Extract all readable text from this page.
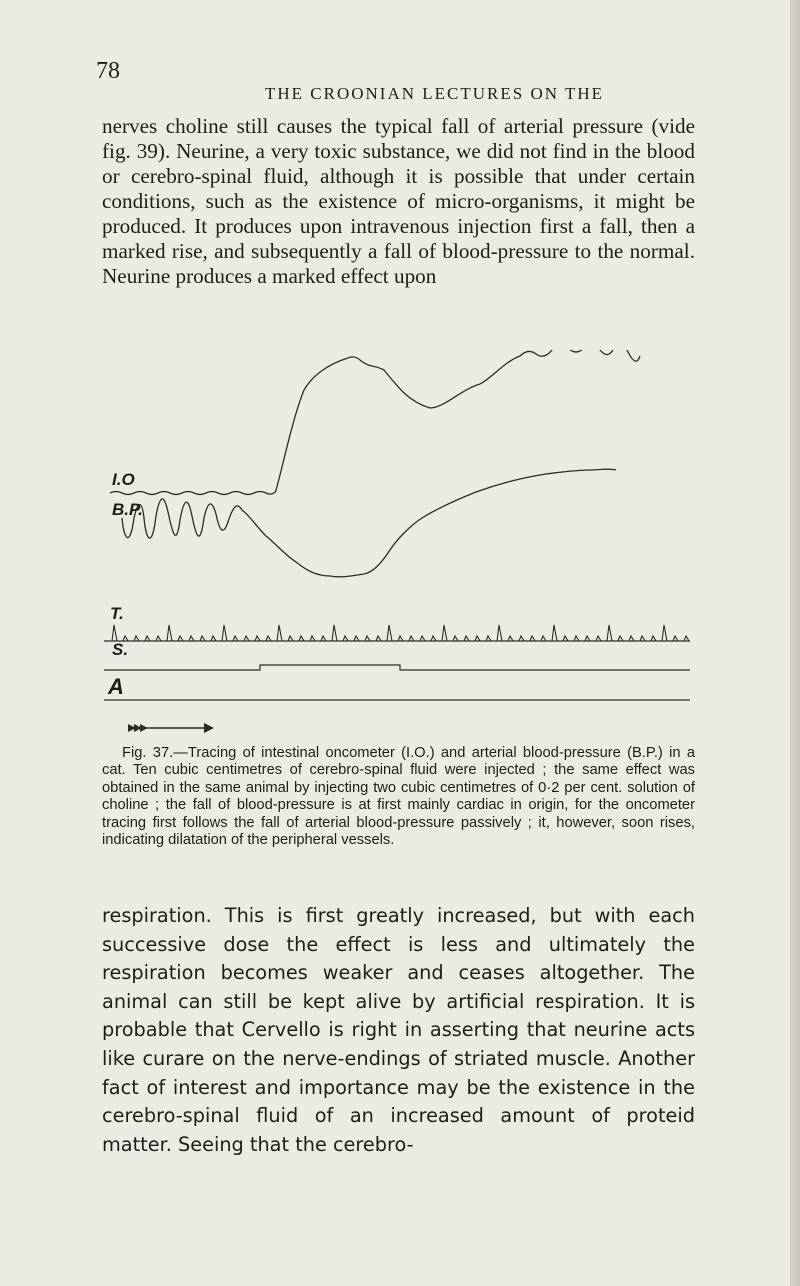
78
THE CROONIAN LECTURES ON THE

nerves choline still causes the typical fall of arterial pressure (vide fig. 39). Neurine, a very toxic substance, we did not find in the blood or cerebro-spinal fluid, although it is possible that under certain conditions, such as the existence of micro-organisms, it might be produced. It produces upon intravenous injection first a fall, then a marked rise, and subsequently a fall of blood-pressure to the normal. Neurine produces a marked effect upon

I.O
B.P.
T.
S.
A

Fig. 37.—Tracing of intestinal oncometer (I.O.) and arterial blood-pressure (B.P.) in a cat. Ten cubic centimetres of cerebro-spinal fluid were injected ; the same effect was obtained in the same animal by injecting two cubic centimetres of 0·2 per cent. solution of choline ; the fall of blood-pressure is at first mainly cardiac in origin, for the oncometer tracing first follows the fall of arterial blood-pressure passively ; it, however, soon rises, indicating dilatation of the peripheral vessels.

respiration. This is first greatly increased, but with each successive dose the effect is less and ultimately the respiration becomes weaker and ceases altogether. The animal can still be kept alive by artificial respiration. It is probable that Cervello is right in asserting that neurine acts like curare on the nerve-endings of striated muscle. Another fact of interest and importance may be the existence in the cerebro-spinal fluid of an increased amount of proteid matter. Seeing that the cerebro-
